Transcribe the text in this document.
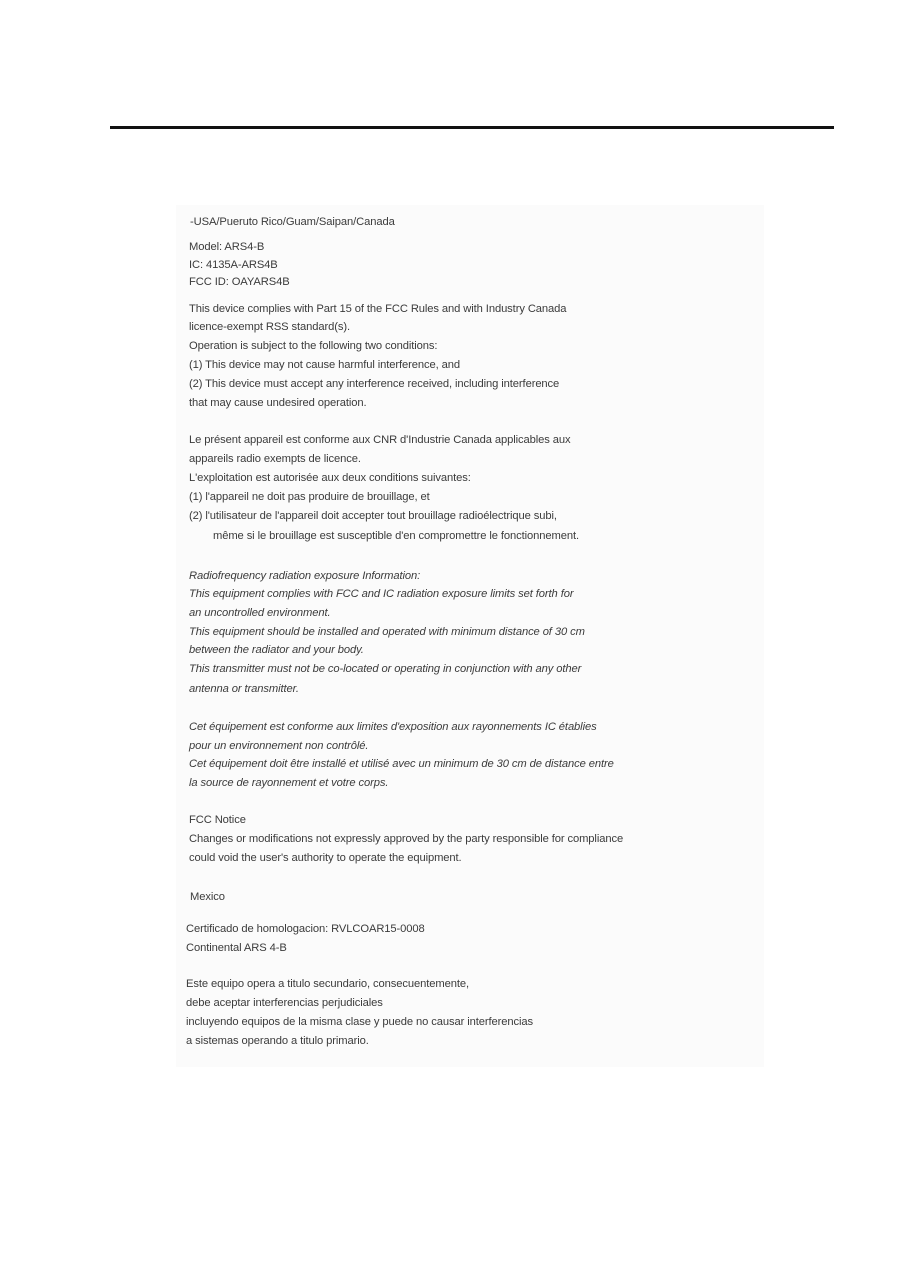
-USA/Pueruto Rico/Guam/Saipan/Canada
Model: ARS4-B
IC: 4135A-ARS4B
FCC ID: OAYARS4B
This device complies with Part 15 of the FCC Rules and with Industry Canada
licence-exempt RSS standard(s).
Operation is subject to the following two conditions:
(1) This device may not cause harmful interference, and
(2) This device must accept any interference received, including interference
that may cause undesired operation.
Le présent appareil est conforme aux CNR d'Industrie Canada applicables aux
appareils radio exempts de licence.
L'exploitation est autorisée aux deux conditions suivantes:
(1) l'appareil ne doit pas produire de brouillage, et
(2) l'utilisateur de l'appareil doit accepter tout brouillage radioélectrique subi,
même si le brouillage est susceptible d'en compromettre le fonctionnement.
Radiofrequency radiation exposure Information:
This equipment complies with FCC and IC radiation exposure limits set forth for
an uncontrolled environment.
This equipment should be installed and operated with minimum distance of 30 cm
between the radiator and your body.
This transmitter must not be co-located or operating in conjunction with any other
antenna or transmitter.
Cet équipement est conforme aux limites d'exposition aux rayonnements IC établies
pour un environnement non contrôlé.
Cet équipement doit être installé et utilisé avec un minimum de 30 cm de distance entre
la source de rayonnement et votre corps.
FCC Notice
Changes or modifications not expressly approved by the party responsible for compliance
could void the user's authority to operate the equipment.
Mexico
Certificado de homologacion: RVLCOAR15-0008
Continental ARS 4-B
Este equipo opera a titulo secundario, consecuentemente,
debe aceptar interferencias perjudiciales
incluyendo equipos de la misma clase y puede no causar interferencias
a sistemas operando a titulo primario.
